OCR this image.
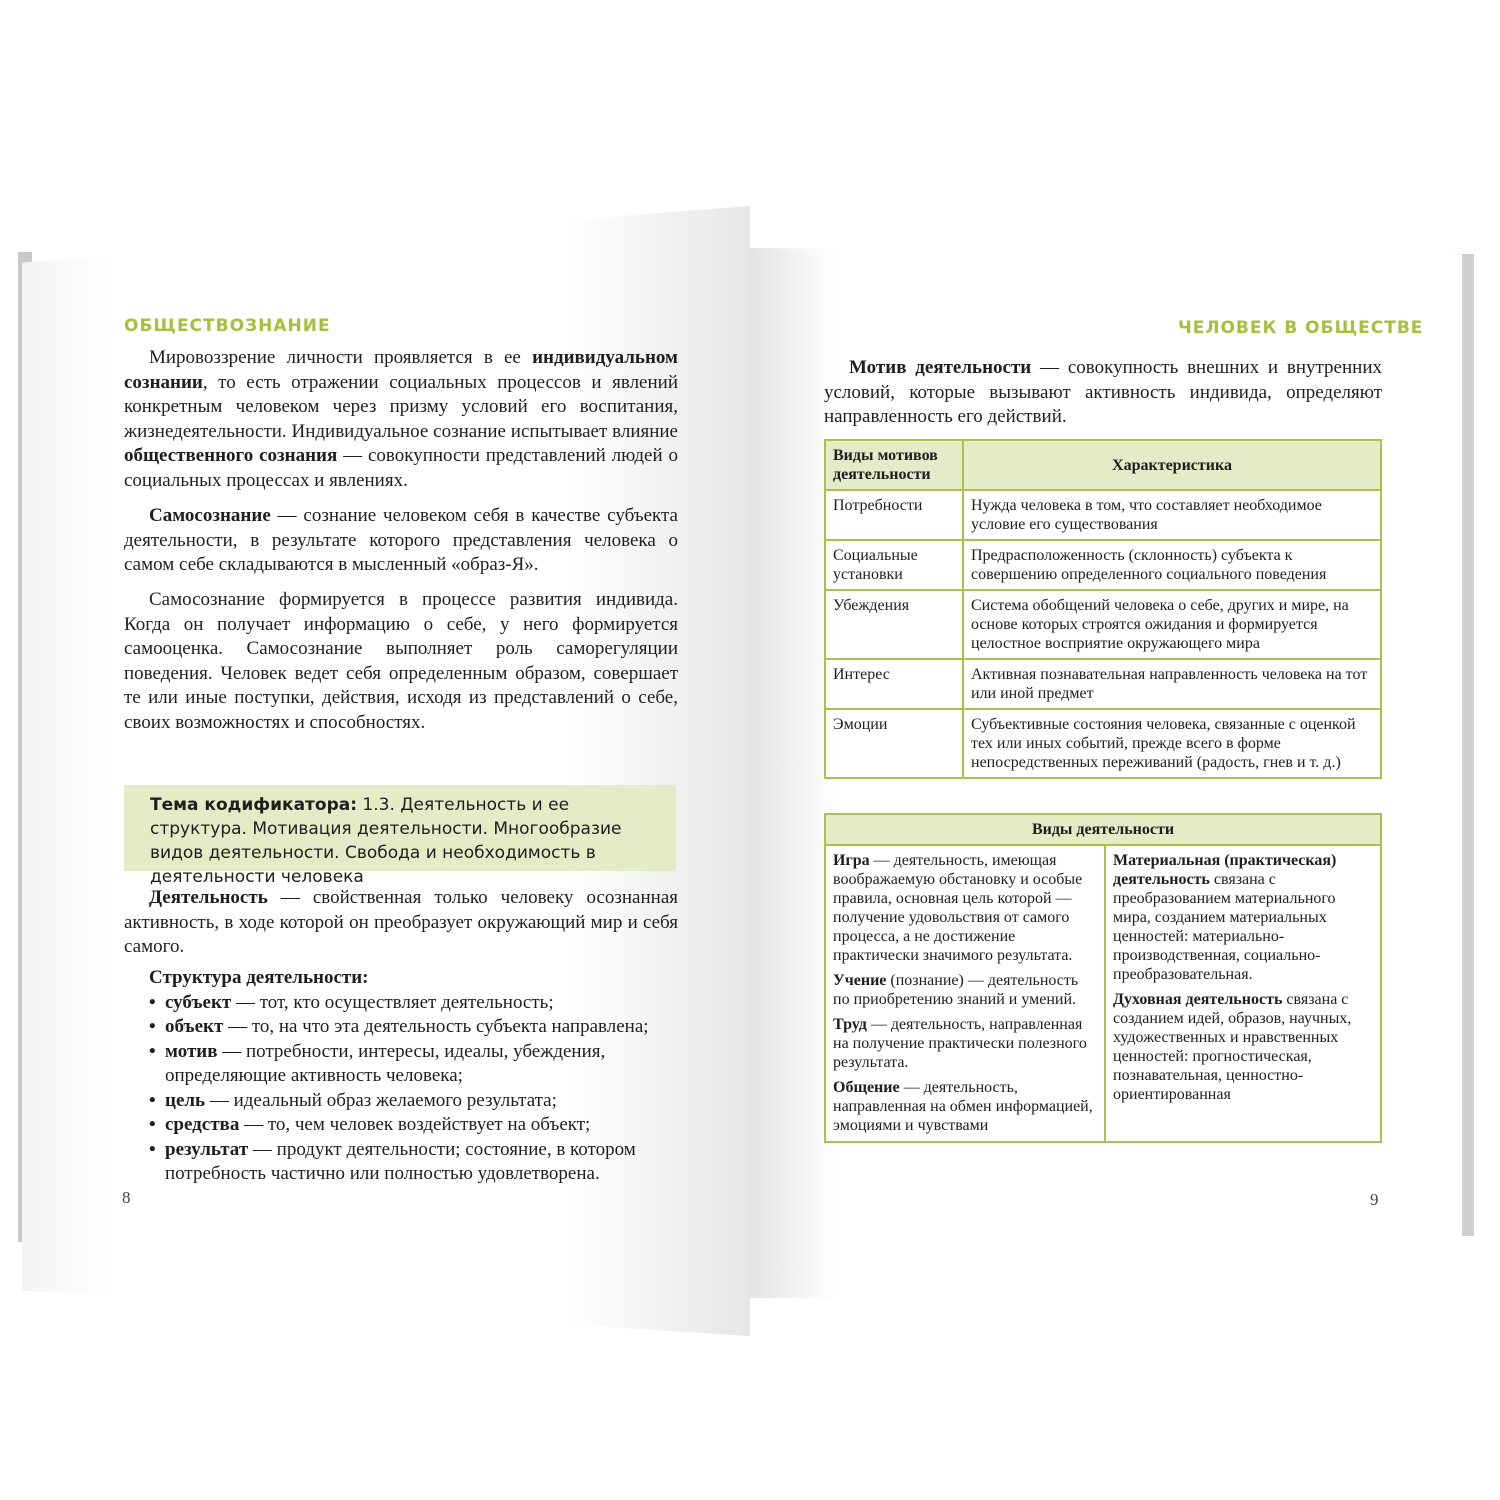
ОБЩЕСТВОЗНАНИЕ

Мировоззрение личности проявляется в ее индивидуальном сознании, то есть отражении социальных процессов и явлений конкретным человеком через призму условий его воспитания, жизнедеятельности. Индивидуальное сознание испытывает влияние общественного сознания — совокупности представлений людей о социальных процессах и явлениях.

Самосознание — сознание человеком себя в качестве субъекта деятельности, в результате которого представления человека о самом себе складываются в мысленный «образ-Я».

Самосознание формируется в процессе развития индивида. Когда он получает информацию о себе, у него формируется самооценка. Самосознание выполняет роль саморегуляции поведения. Человек ведет себя определенным образом, совершает те или иные поступки, действия, исходя из представлений о себе, своих возможностях и способностях.

Тема кодификатора: 1.3. Деятельность и ее структура. Мотивация деятельности. Многообразие видов деятельности. Свобода и необходимость в деятельности человека

Деятельность — свойственная только человеку осознанная активность, в ходе которой он преобразует окружающий мир и себя самого.

Структура деятельности:
• субъект — тот, кто осуществляет деятельность;
• объект — то, на что эта деятельность субъекта направлена;
• мотив — потребности, интересы, идеалы, убеждения, определяющие активность человека;
• цель — идеальный образ желаемого результата;
• средства — то, чем человек воздействует на объект;
• результат — продукт деятельности; состояние, в котором потребность частично или полностью удовлетворена.
8
ЧЕЛОВЕК В ОБЩЕСТВЕ

Мотив деятельности — совокупность внешних и внутренних условий, которые вызывают активность индивида, определяют направленность его действий.

Виды мотивов деятельности	Характеристика
Потребности	Нужда человека в том, что составляет необходимое условие его существования
Социальные установки	Предрасположенность (склонность) субъекта к совершению определенного социального поведения
Убеждения	Система обобщений человека о себе, других и мире, на основе которых строятся ожидания и формируется целостное восприятие окружающего мира
Интерес	Активная познавательная направленность человека на тот или иной предмет
Эмоции	Субъективные состояния человека, связанные с оценкой тех или иных событий, прежде всего в форме непосредственных переживаний (радость, гнев и т. д.)
Виды деятельности

Игра — деятельность, имеющая воображаемую обстановку и особые правила, основная цель которой — получение удовольствия от самого процесса, а не достижение практически значимого результата.
Учение (познание) — деятельность по приобретению знаний и умений.
Труд — деятельность, направленная на получение практически полезного результата.
Общение — деятельность, направленная на обмен информацией, эмоциями и чувствами

Материальная (практическая) деятельность связана с преобразованием материального мира, созданием материальных ценностей: материально-производственная, социально-преобразовательная.
Духовная деятельность связана с созданием идей, образов, научных, художественных и нравственных ценностей: прогностическая, познавательная, ценностно-ориентированная
9
